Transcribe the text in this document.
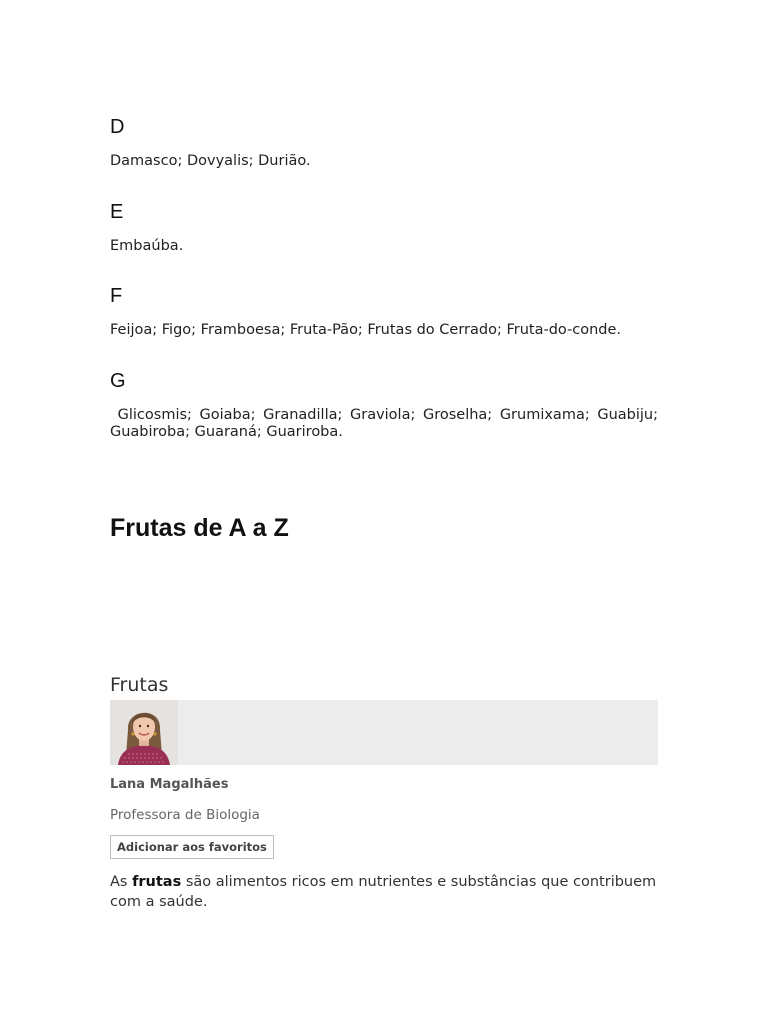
D

Damasco; Dovyalis; Durião.

E

Embaúba.

F

Feijoa; Figo; Framboesa; Fruta-Pão; Frutas do Cerrado; Fruta-do-conde.

G

Glicosmis; Goiaba; Granadilla; Graviola; Groselha; Grumixama; Guabiju; Guabiroba; Guaraná; Guariroba.

Frutas de A a Z
Frutas
Lana Magalhães
Professora de Biologia
Adicionar aos favoritos

As frutas são alimentos ricos em nutrientes e substâncias que contribuem com a saúde.
